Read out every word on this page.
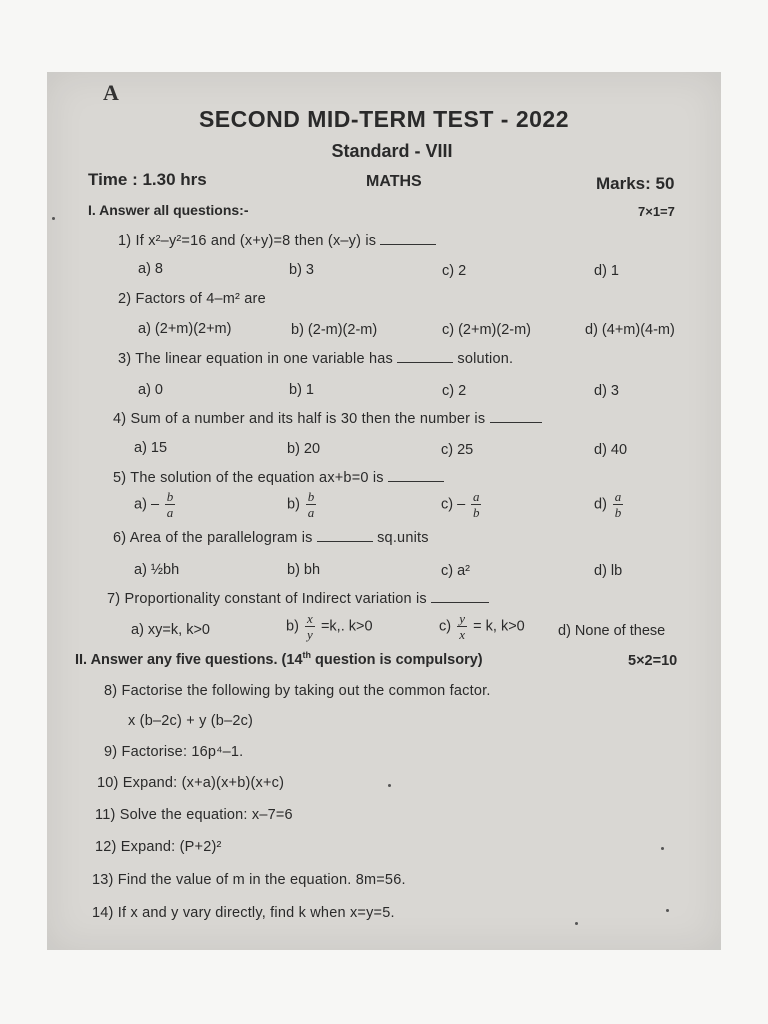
A
SECOND MID-TERM TEST - 2022
Standard - VIII
Time : 1.30 hrs	MATHS	Marks: 50
I. Answer all questions:-	7×1=7
1) If x²–y²=16 and (x+y)=8 then (x–y) is
a) 8	b) 3	c) 2	d) 1
2) Factors of 4–m² are
a) (2+m)(2+m)	b) (2-m)(2-m)	c) (2+m)(2-m)	d) (4+m)(4-m)
3) The linear equation in one variable has	solution.
a) 0	b) 1	c) 2	d) 3
4) Sum of a number and its half is 30 then the number is
a) 15	b) 20	c) 25	d) 40
5) The solution of the equation ax+b=0 is
$a) - \frac{b}{a}$	$b) \frac{b}{a}$	$c) - \frac{a}{b}$	$d) \frac{a}{b}$
6) Area of the parallelogram is	sq.units
a) ½bh	b) bh	c) a²	d) lb
7) Proportionality constant of Indirect variation is
a) xy=k, k>0	$b) \frac{x}{y} =k$,. k>0	$c) \frac{y}{x} = k$, k>0 d) None of these
II. Answer any five questions. (14th question is compulsory)	5×2=10
8) Factorise the following by taking out the common factor.
x (b–2c) + y (b–2c)
9) Factorise: 16p⁴–1.
10) Expand: (x+a)(x+b)(x+c)
11) Solve the equation: x–7=6
12) Expand: (P+2)²
13) Find the value of m in the equation. 8m=56.
14) If x and y vary directly, find k when x=y=5.
